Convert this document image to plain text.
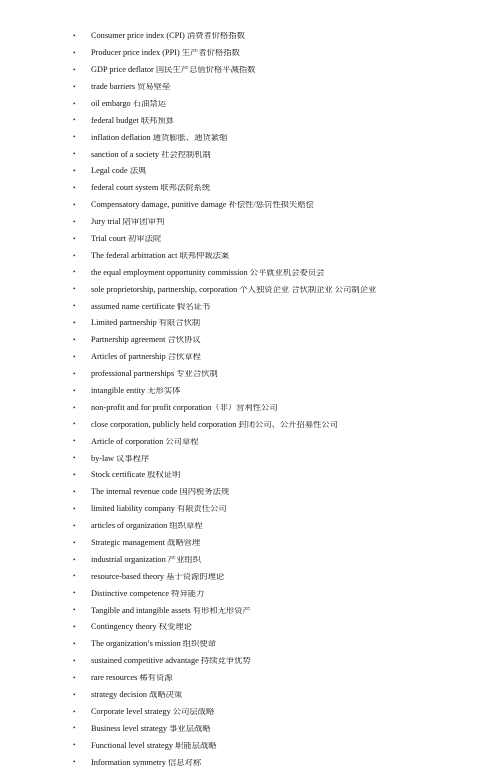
•	Consumer price index (CPI) 消费者价格指数
•	Producer price index (PPI) 生产者价格指数
•	GDP price deflator 国民生产总值价格平减指数
•	trade barriers 贸易壁垒
•	oil embargo 石油禁运
•	federal budget 联邦预算
•	inflation deflation 通货膨胀、通货紧缩
•	sanction of a society 社会控制机制
•	Legal code 法典
•	federal court system 联邦法院系统
•	Compensatory damage, punitive damage 补偿性/惩罚性损失赔偿
•	Jury trial 陪审团审判
•	Trial court 初审法院
•	The federal arbitration act 联邦仲裁法案
•	the equal employment opportunity commission 公平就业机会委员会
•	sole proprietorship, partnership, corporation 个人独资企业 合伙制企业 公司制企业
•	assumed name certificate 假名证书
•	Limited partnership 有限合伙制
•	Partnership agreement 合伙协议
•	Articles of partnership 合伙章程
•	professional partnerships 专业合伙制
•	intangible entity 无形实体
•	non-profit and for profit corporation（非）营利性公司
•	close corporation, publicly held corporation 封闭公司、公开招募性公司
•	Article of corporation 公司章程
•	by-law 议事程序
•	Stock certificate 股权证明
•	The internal revenue code 国内税务法规
•	limited liability company 有限责任公司
•	articles of organization 组织章程
•	Strategic management 战略管理
•	industrial organization 产业组织
•	resource-based theory 基于资源的理论
•	Distinctive competence 特异能力
•	Tangible and intangible assets 有形和无形资产
•	Contingency theory 权变理论
•	The organization’s mission 组织使命
•	sustained competitive advantage 持续竞争优势
•	rare resources 稀有资源
•	strategy decision 战略决策
•	Corporate level strategy 公司层战略
•	Business level strategy 事业层战略
•	Functional level strategy 职能层战略
•	Information symmetry 信息对称
